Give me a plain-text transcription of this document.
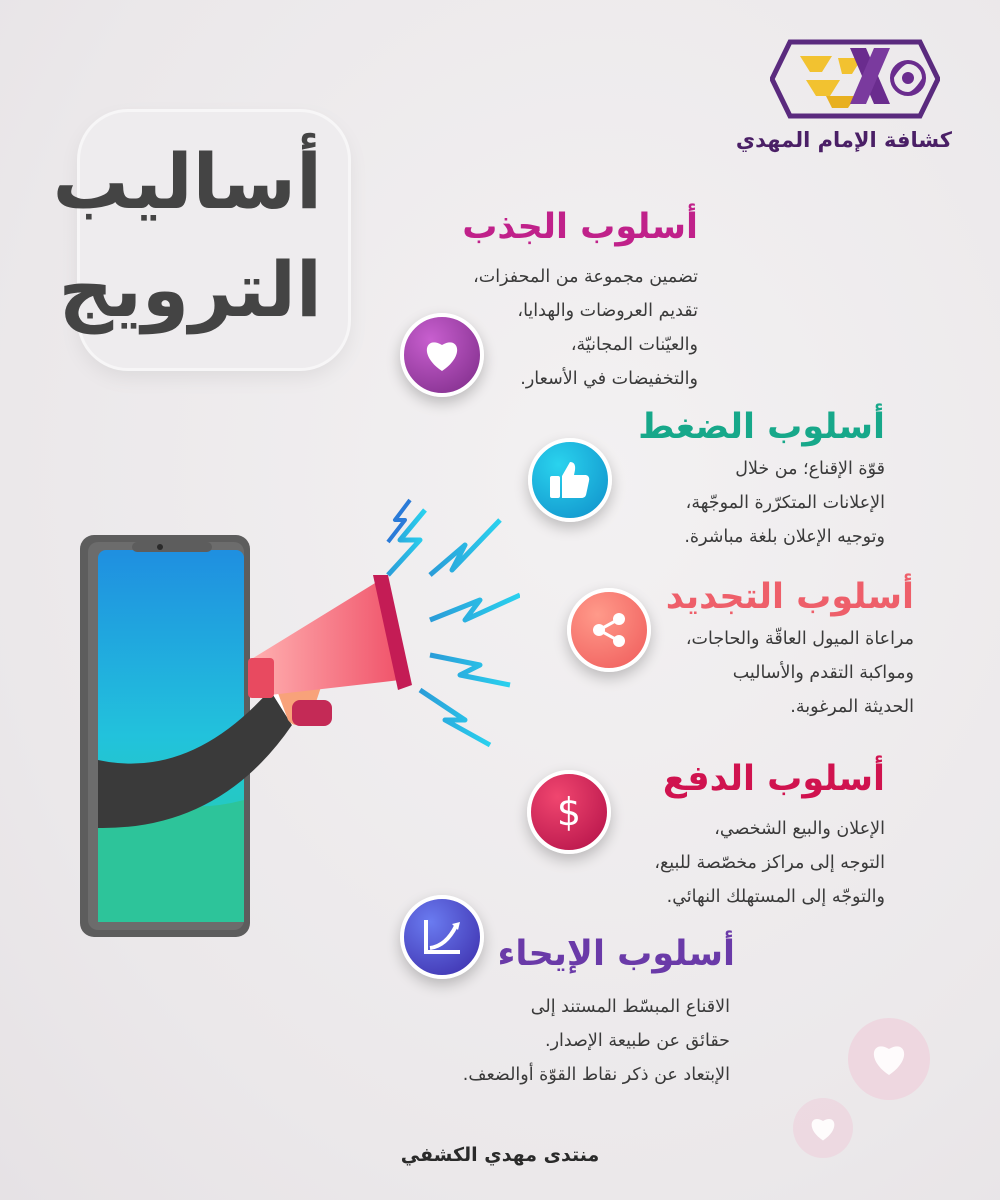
كشافة الإمام المهدي
أساليب
الترويج
أسلوب الجذب
تضمين مجموعة من المحفزات،
تقديم العروضات والهدايا،
والعيّنات المجانيّة،
والتخفيضات في الأسعار.
أسلوب الضغط
قوّة الإقناع؛ من خلال
الإعلانات المتكرّرة الموجّهة،
وتوجيه الإعلان بلغة مباشرة.
أسلوب التجديد
مراعاة الميول العاقّة والحاجات،
ومواكبة التقدم والأساليب
الحديثة المرغوبة.
$
أسلوب الدفع
الإعلان والبيع الشخصي،
التوجه إلى مراكز مخصّصة للبيع،
والتوجّه إلى المستهلك النهائي.
أسلوب الإيحاء
الاقناع المبسّط المستند إلى
حقائق عن طبيعة الإصدار.
الإبتعاد عن ذكر نقاط القوّة أوالضعف.
منتدى مهدي الكشفي
